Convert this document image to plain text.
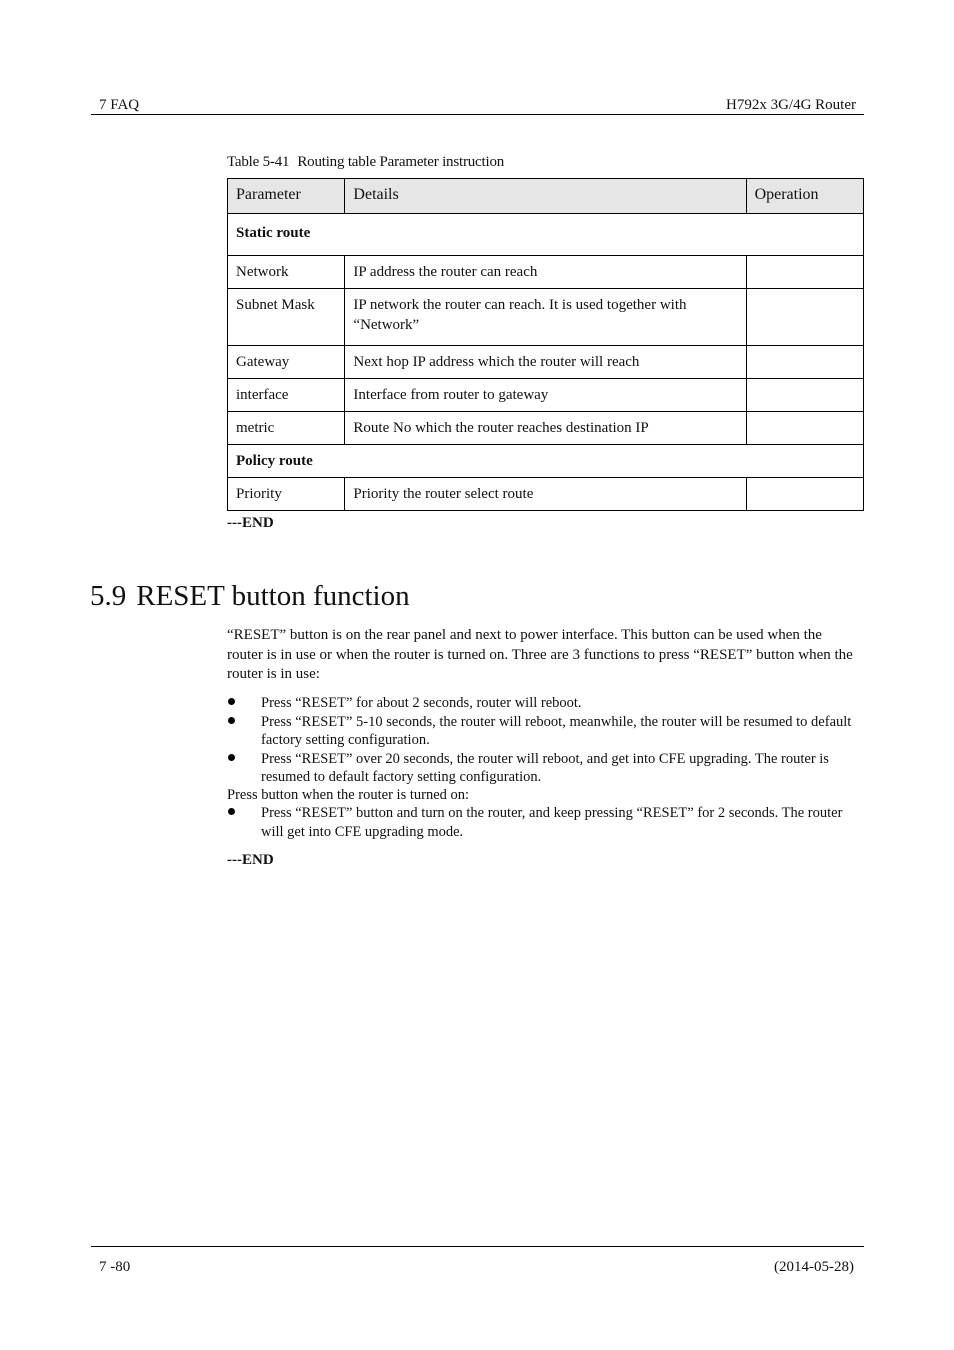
7 FAQ	H792x 3G/4G Router
Table 5-41 Routing table Parameter instruction
Parameter	Details	Operation
Static route		
Network	IP address the router can reach	
Subnet Mask	IP network the router can reach. It is used together with “Network”	
Gateway	Next hop IP address which the router will reach	
interface	Interface from router to gateway	
metric	Route No which the router reaches destination IP	
Policy route		
Priority	Priority the router select route	
---END
5.9 RESET button function

“RESET” button is on the rear panel and next to power interface. This button can be used when the router is in use or when the router is turned on. Three are 3 functions to press “RESET” button when the router is in use:

Press “RESET” for about 2 seconds, router will reboot.
Press “RESET” 5-10 seconds, the router will reboot, meanwhile, the router will be resumed to default factory setting configuration.
Press “RESET” over 20 seconds, the router will reboot, and get into CFE upgrading. The router is resumed to default factory setting configuration.

Press button when the router is turned on:

Press “RESET” button and turn on the router, and keep pressing “RESET” for 2 seconds. The router will get into CFE upgrading mode.
---END
7 -80	(2014-05-28)
